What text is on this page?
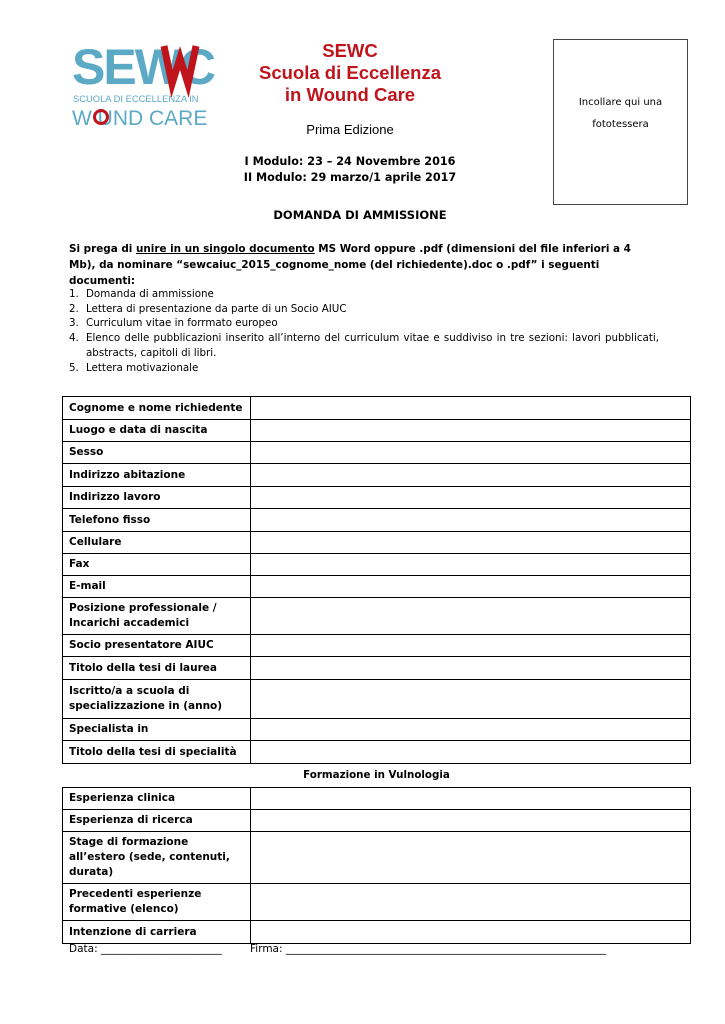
SEWC
SCUOLA DI ECCELLENZA IN
W UND CARE
SEWC
Scuola di Eccellenza
in Wound Care
Prima Edizione
I Modulo: 23 – 24 Novembre 2016
II Modulo: 29 marzo/1 aprile 2017
Incollare qui una
fototessera
DOMANDA DI AMMISSIONE
Si prega di unire in un singolo documento MS Word oppure .pdf (dimensioni del file inferiori a 4 Mb), da nominare “sewcaiuc_2015_cognome_nome (del richiedente).doc o .pdf” i seguenti documenti:
1. Domanda di ammissione
2. Lettera di presentazione da parte di un Socio AIUC
3. Curriculum vitae in forrmato europeo
4. Elenco delle pubblicazioni inserito all’interno del curriculum vitae e suddiviso in tre sezioni: lavori pubblicati, abstracts, capitoli di libri.
5. Lettera motivazionale
Cognome e nome richiedente	
Luogo e data di nascita	
Sesso	
Indirizzo abitazione	
Indirizzo lavoro	
Telefono fisso	
Cellulare	
Fax	
E-mail	
Posizione professionale / Incarichi accademici	
Socio presentatore AIUC	
Titolo della tesi di laurea	
Iscritto/a a scuola di specializzazione in (anno)	
Specialista in	
Titolo della tesi di specialità	
Formazione in Vulnologia
Esperienza clinica	
Esperienza di ricerca	
Stage di formazione all’estero (sede, contenuti, durata)	
Precedenti esperienze formative (elenco)	
Intenzione di carriera	
Data: _______________________	Firma: _____________________________________________________________
